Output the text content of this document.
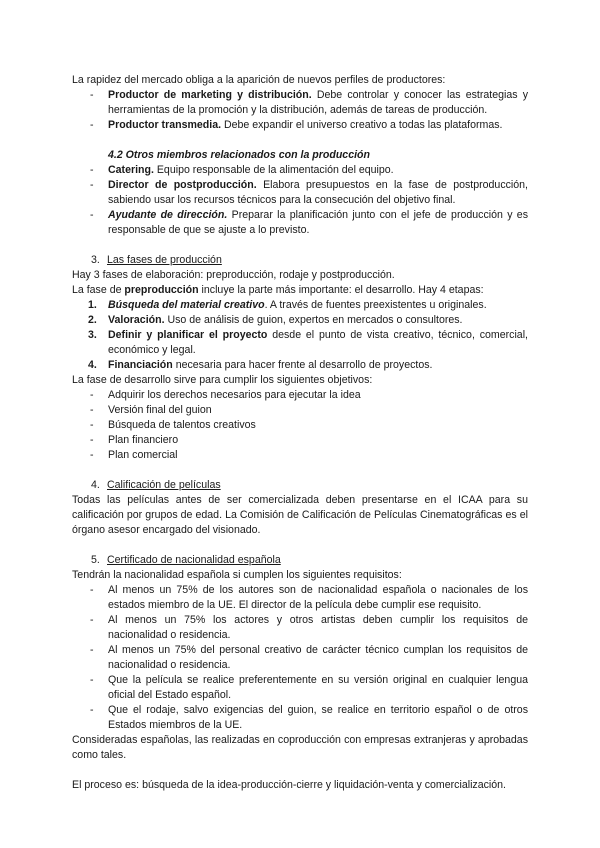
La rapidez del mercado obliga a la aparición de nuevos perfiles de productores:

- Productor de marketing y distribución. Debe controlar y conocer las estrategias y herramientas de la promoción y la distribución, además de tareas de producción.
- Productor transmedia. Debe expandir el universo creativo a todas las plataformas.

4.2 Otros miembros relacionados con la producción

- Catering. Equipo responsable de la alimentación del equipo.
- Director de postproducción. Elabora presupuestos en la fase de postproducción, sabiendo usar los recursos técnicos para la consecución del objetivo final.
- Ayudante de dirección. Preparar la planificación junto con el jefe de producción y es responsable de que se ajuste a lo previsto.

3. Las fases de producción

Hay 3 fases de elaboración: preproducción, rodaje y postproducción.

La fase de preproducción incluye la parte más importante: el desarrollo. Hay 4 etapas:

1. Búsqueda del material creativo. A través de fuentes preexistentes u originales.
2. Valoración. Uso de análisis de guion, expertos en mercados o consultores.
3. Definir y planificar el proyecto desde el punto de vista creativo, técnico, comercial, económico y legal.
4. Financiación necesaria para hacer frente al desarrollo de proyectos.

La fase de desarrollo sirve para cumplir los siguientes objetivos:

- Adquirir los derechos necesarios para ejecutar la idea
- Versión final del guion
- Búsqueda de talentos creativos
- Plan financiero
- Plan comercial

4. Calificación de películas

Todas las películas antes de ser comercializada deben presentarse en el ICAA para su calificación por grupos de edad. La Comisión de Calificación de Películas Cinematográficas es el órgano asesor encargado del visionado.

5. Certificado de nacionalidad española

Tendrán la nacionalidad española si cumplen los siguientes requisitos:

- Al menos un 75% de los autores son de nacionalidad española o nacionales de los estados miembro de la UE. El director de la película debe cumplir ese requisito.
- Al menos un 75% los actores y otros artistas deben cumplir los requisitos de nacionalidad o residencia.
- Al menos un 75% del personal creativo de carácter técnico cumplan los requisitos de nacionalidad o residencia.
- Que la película se realice preferentemente en su versión original en cualquier lengua oficial del Estado español.
- Que el rodaje, salvo exigencias del guion, se realice en territorio español o de otros Estados miembros de la UE.

Consideradas españolas, las realizadas en coproducción con empresas extranjeras y aprobadas como tales.

El proceso es: búsqueda de la idea-producción-cierre y liquidación-venta y comercialización.
